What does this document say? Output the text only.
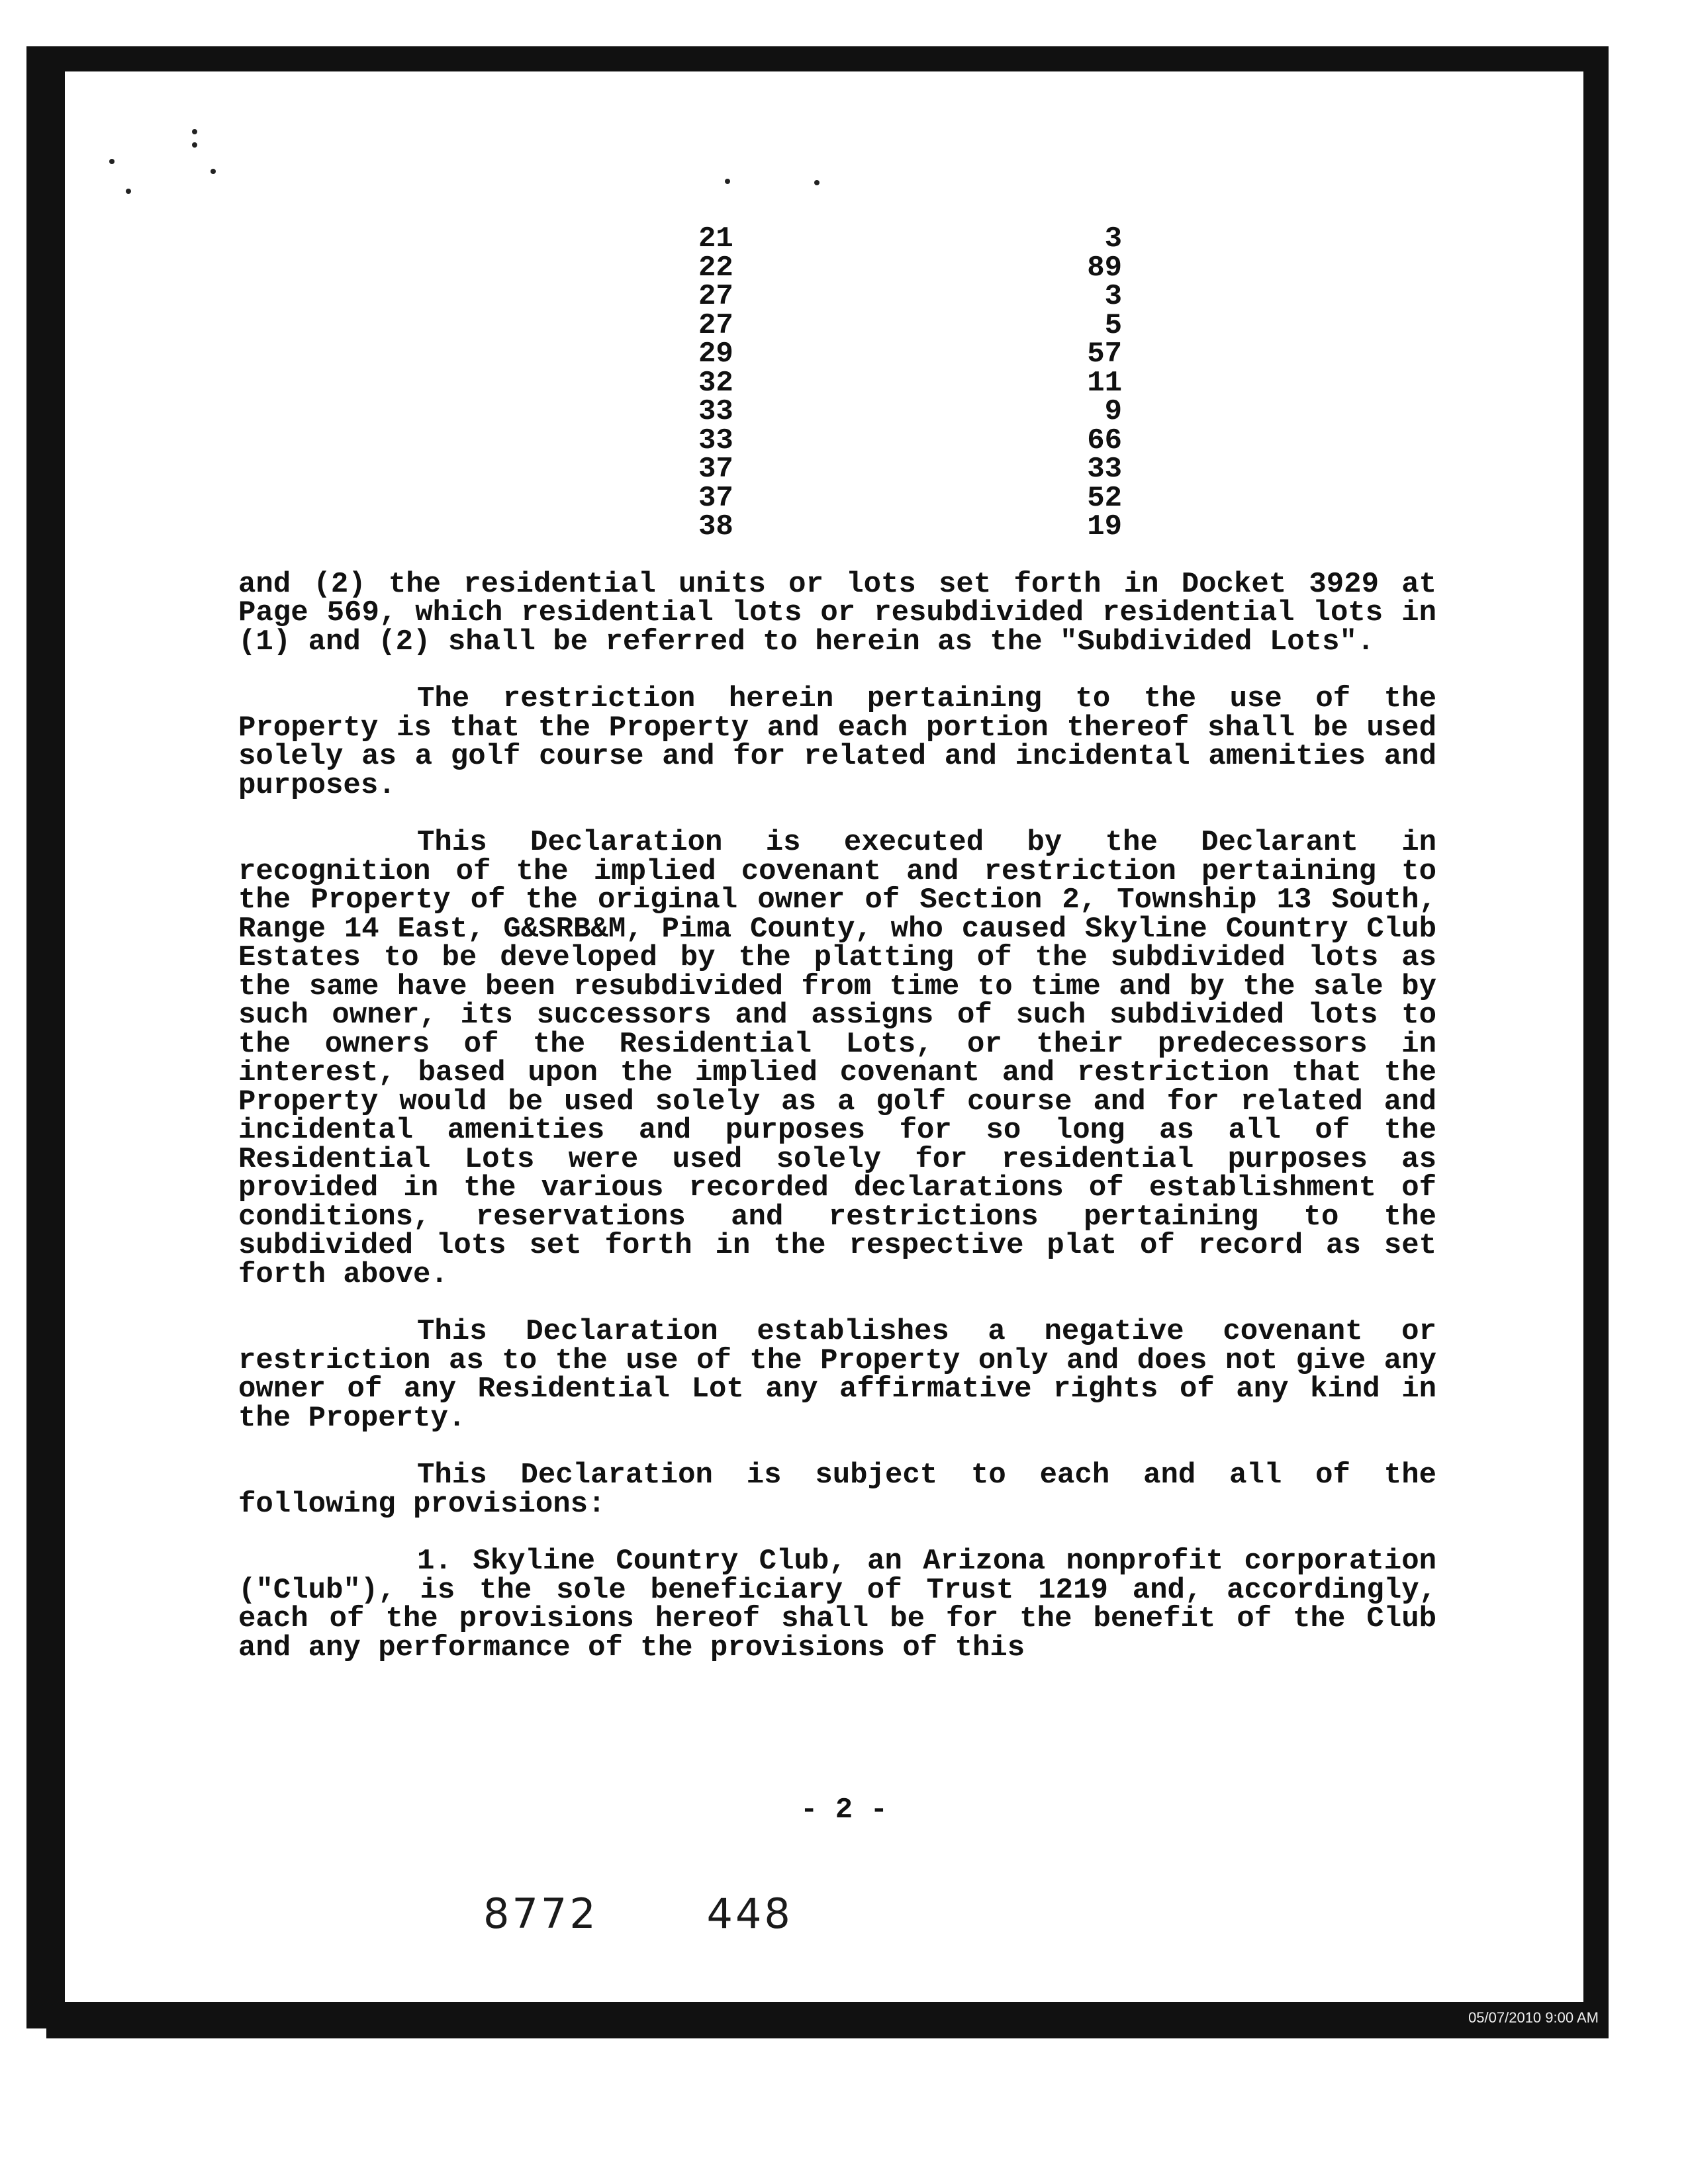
21	3
22	89
27	3
27	5
29	57
32	11
33	9
33	66
37	33
37	52
38	19

and (2) the residential units or lots set forth in Docket 3929 at Page 569, which residential lots or resubdivided residential lots in (1) and (2) shall be referred to herein as the "Subdivided Lots".

The restriction herein pertaining to the use of the Property is that the Property and each portion thereof shall be used solely as a golf course and for related and incidental amenities and purposes.

This Declaration is executed by the Declarant in recognition of the implied covenant and restriction pertaining to the Property of the original owner of Section 2, Township 13 South, Range 14 East, G&SRB&M, Pima County, who caused Skyline Country Club Estates to be developed by the platting of the subdivided lots as the same have been resubdivided from time to time and by the sale by such owner, its successors and assigns of such subdivided lots to the owners of the Residential Lots, or their predecessors in interest, based upon the implied covenant and restriction that the Property would be used solely as a golf course and for related and incidental amenities and purposes for so long as all of the Residential Lots were used solely for residential purposes as provided in the various recorded declarations of establishment of conditions, reservations and restrictions pertaining to the subdivided lots set forth in the respective plat of record as set forth above.

This Declaration establishes a negative covenant or restriction as to the use of the Property only and does not give any owner of any Residential Lot any affirmative rights of any kind in the Property.

This Declaration is subject to each and all of the following provisions:

1. Skyline Country Club, an Arizona nonprofit corporation ("Club"), is the sole beneficiary of Trust 1219 and, accordingly, each of the provisions hereof shall be for the benefit of the Club and any performance of the provisions of this

- 2 -
8772	448
05/07/2010 9:00 AM
